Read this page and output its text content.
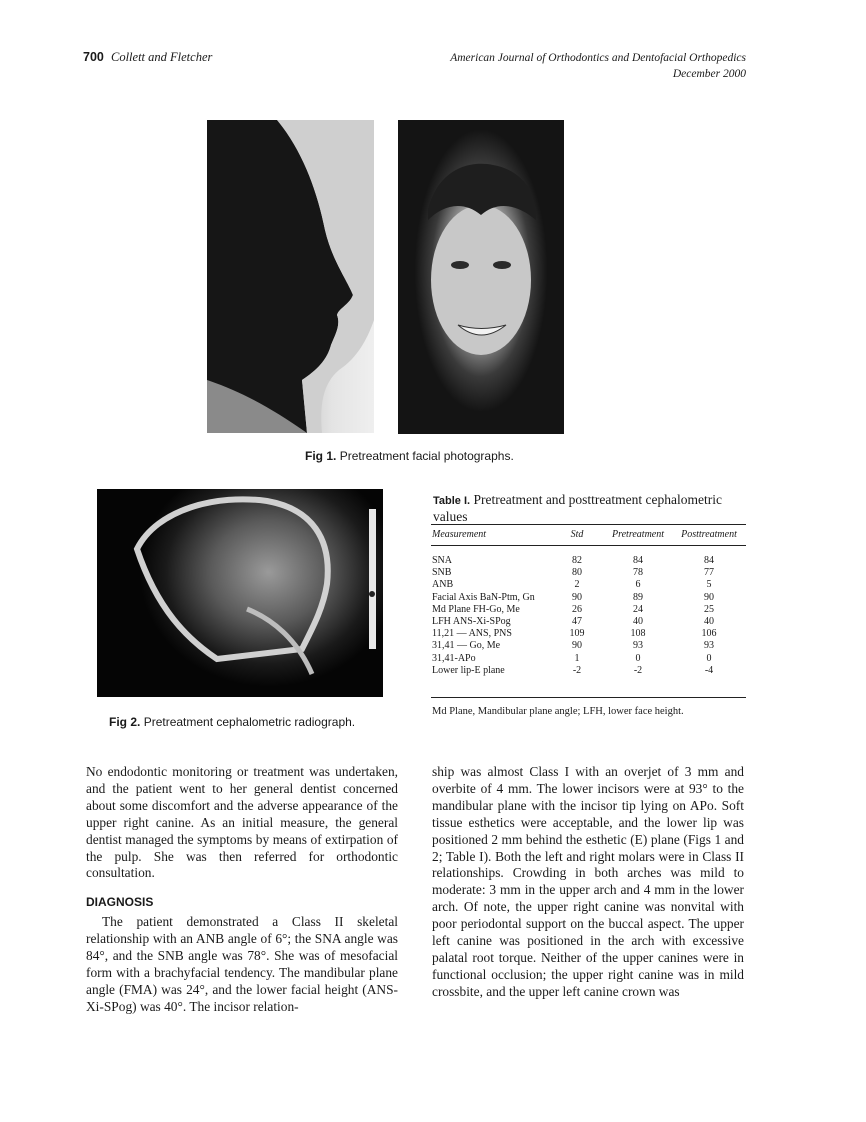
700 Collett and Fletcher	American Journal of Orthodontics and Dentofacial Orthopedics
December 2000
Fig 1. Pretreatment facial photographs.
Fig 2. Pretreatment cephalometric radiograph.
Table I. Pretreatment and posttreatment cephalometric values
Measurement	Std	Pretreatment Posttreatment
SNA	82	84	84
SNB	80	78	77
ANB	2	6	5
Facial Axis BaN-Ptm, Gn	90	89	90
Md Plane FH-Go, Me	26	24	25
LFH ANS-Xi-SPog	47	40	40
11,21 — ANS, PNS	109	108	106
31,41 — Go, Me	90	93	93
31,41-APo	1	0	0
Lower lip-E plane	-2	-2	-4
Md Plane, Mandibular plane angle; LFH, lower face height.

No endodontic monitoring or treatment was undertaken, and the patient went to her general dentist concerned about some discomfort and the adverse appearance of the upper right canine. As an initial measure, the general dentist managed the symptoms by means of extirpation of the pulp. She was then referred for orthodontic consultation.

DIAGNOSIS

The patient demonstrated a Class II skeletal relationship with an ANB angle of 6°; the SNA angle was 84°, and the SNB angle was 78°. She was of mesofacial form with a brachyfacial tendency. The mandibular plane angle (FMA) was 24°, and the lower facial height (ANS-Xi-SPog) was 40°. The incisor relation-

ship was almost Class I with an overjet of 3 mm and overbite of 4 mm. The lower incisors were at 93° to the mandibular plane with the incisor tip lying on APo. Soft tissue esthetics were acceptable, and the lower lip was positioned 2 mm behind the esthetic (E) plane (Figs 1 and 2; Table I). Both the left and right molars were in Class II relationships. Crowding in both arches was mild to moderate: 3 mm in the upper arch and 4 mm in the lower arch. Of note, the upper right canine was nonvital with poor periodontal support on the buccal aspect. The upper left canine was positioned in the arch with excessive palatal root torque. Neither of the upper canines were in functional occlusion; the upper right canine was in mild crossbite, and the upper left canine crown was
